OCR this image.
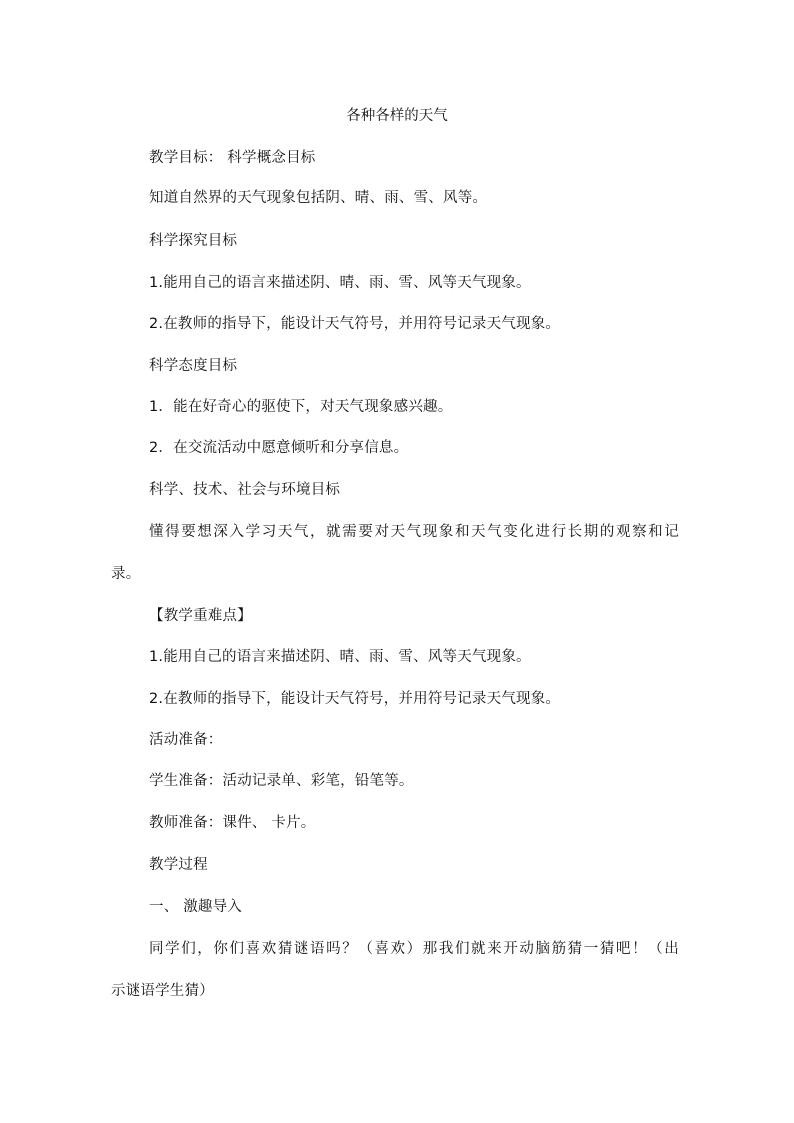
各种各样的天气
教学目标： 科学概念目标
知道自然界的天气现象包括阴、晴、雨、雪、风等。
科学探究目标
1.能用自己的语言来描述阴、晴、雨、雪、风等天气现象。
2.在教师的指导下，能设计天气符号，并用符号记录天气现象。
科学态度目标
1．能在好奇心的驱使下，对天气现象感兴趣。
2．在交流活动中愿意倾听和分享信息。
科学、技术、社会与环境目标
懂得要想深入学习天气，就需要对天气现象和天气变化进行长期的观察和记
录。
【教学重难点】
1.能用自己的语言来描述阴、晴、雨、雪、风等天气现象。
2.在教师的指导下，能设计天气符号，并用符号记录天气现象。
活动准备：
学生准备：活动记录单、彩笔，铅笔等。
教师准备：课件、 卡片。
教学过程
一、 激趣导入
同学们，你们喜欢猜谜语吗？（喜欢）那我们就来开动脑筋猜一猜吧！（出
示谜语学生猜）
